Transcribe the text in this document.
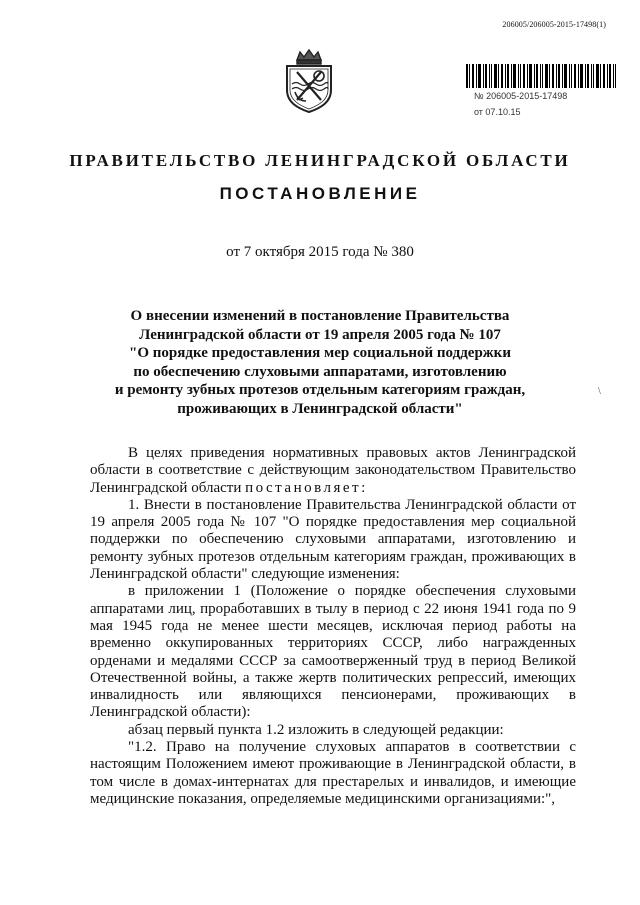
206005/206005-2015-17498(1)
№ 206005-2015-17498
от 07.10.15
ПРАВИТЕЛЬСТВО ЛЕНИНГРАДСКОЙ ОБЛАСТИ
ПОСТАНОВЛЕНИЕ
от 7 октября 2015 года № 380
О внесении изменений в постановление Правительства
Ленинградской области от 19 апреля 2005 года № 107
"О порядке предоставления мер социальной поддержки
по обеспечению слуховыми аппаратами, изготовлению
и ремонту зубных протезов отдельным категориям граждан,
проживающих в Ленинградской области"
\

В целях приведения нормативных правовых актов Ленинградской области в соответствие с действующим законодательством Правительство Ленинградской области постановляет:

1. Внести в постановление Правительства Ленинградской области от 19 апреля 2005 года № 107 "О порядке предоставления мер социальной поддержки по обеспечению слуховыми аппаратами, изготовлению и ремонту зубных протезов отдельным категориям граждан, проживающих в Ленинградской области" следующие изменения:

в приложении 1 (Положение о порядке обеспечения слуховыми аппаратами лиц, проработавших в тылу в период с 22 июня 1941 года по 9 мая 1945 года не менее шести месяцев, исключая период работы на временно оккупированных территориях СССР, либо награжденных орденами и медалями СССР за самоотверженный труд в период Великой Отечественной войны, а также жертв политических репрессий, имеющих инвалидность или являющихся пенсионерами, проживающих в Ленинградской области):

абзац первый пункта 1.2 изложить в следующей редакции:

"1.2. Право на получение слуховых аппаратов в соответствии с настоящим Положением имеют проживающие в Ленинградской области, в том числе в домах-интернатах для престарелых и инвалидов, и имеющие медицинские показания, определяемые медицинскими организациями:",
